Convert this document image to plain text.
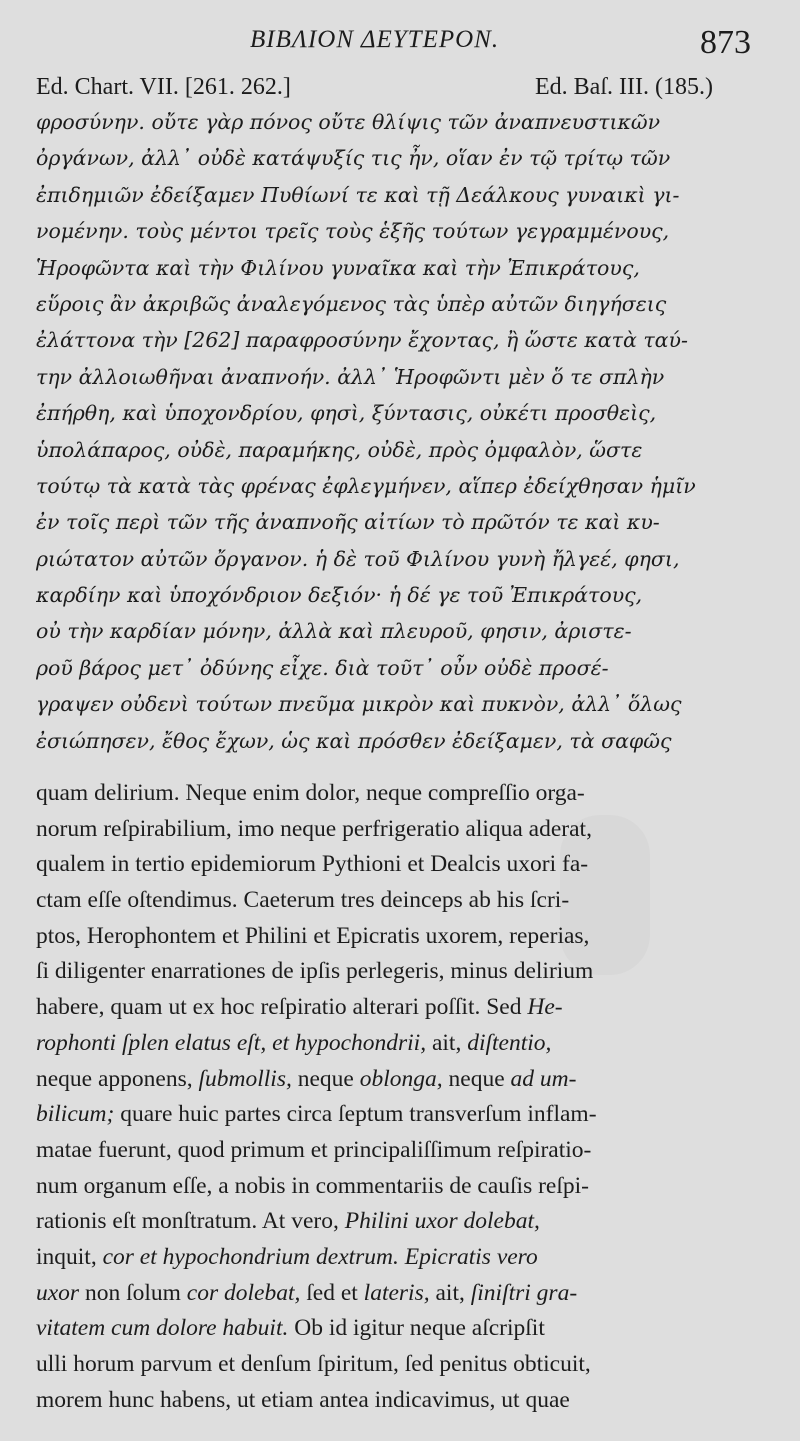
BIBΛΙΟΝ ΔΕΥΤΕΡΟΝ.	873
Ed. Chart. VII. [261. 262.]	Ed. Baſ. III. (185.)
φροσύνην. οὔτε γὰρ πόνος οὔτε θλίψις τῶν ἀναπνευστικῶν
ὀργάνων, ἀλλ᾽ οὐδὲ κατάψυξίς τις ἦν, οἵαν ἐν τῷ τρίτῳ τῶν
ἐπιδημιῶν ἐδείξαμεν Πυθίωνί τε καὶ τῇ Δεάλκους γυναικὶ γι-
νομένην. τοὺς μέντοι τρεῖς τοὺς ἑξῆς τούτων γεγραμμένους,
Ἡροφῶντα καὶ τὴν Φιλίνου γυναῖκα καὶ τὴν Ἐπικράτους,
εὕροις ἂν ἀκριβῶς ἀναλεγόμενος τὰς ὑπὲρ αὐτῶν διηγήσεις
ἐλάττονα τὴν [262] παραφροσύνην ἔχοντας, ἢ ὥστε κατὰ ταύ-
την ἀλλοιωθῆναι ἀναπνοήν. ἀλλ᾽ Ἡροφῶντι μὲν ὅ τε σπλὴν
ἐπήρθη, καὶ ὑποχονδρίου, φησὶ, ξύντασις, οὐκέτι προσθεὶς,
ὑπολάπαρος, οὐδὲ, παραμήκης, οὐδὲ, πρὸς ὀμφαλὸν, ὥστε
τούτῳ τὰ κατὰ τὰς φρένας ἐφλεγμήνεν, αἵπερ ἐδείχθησαν ἡμῖν
ἐν τοῖς περὶ τῶν τῆς ἀναπνοῆς αἰτίων τὸ πρῶτόν τε καὶ κυ-
ριώτατον αὐτῶν ὄργανον. ἡ δὲ τοῦ Φιλίνου γυνὴ ἤλγεέ, φησι,
καρδίην καὶ ὑποχόνδριον δεξιόν· ἡ δέ γε τοῦ Ἐπικράτους,
οὐ τὴν καρδίαν μόνην, ἀλλὰ καὶ πλευροῦ, φησιν, ἀριστε-
ροῦ βάρος μετ᾽ ὀδύνης εἶχε. διὰ τοῦτ᾽ οὖν οὐδὲ προσέ-
γραψεν οὐδενὶ τούτων πνεῦμα μικρὸν καὶ πυκνὸν, ἀλλ᾽ ὅλως
ἐσιώπησεν, ἔθος ἔχων, ὡς καὶ πρόσθεν ἐδείξαμεν, τὰ σαφῶς
quam delirium. Neque enim dolor, neque compreſſio orga-
norum reſpirabilium, imo neque perfrigeratio aliqua aderat,
qualem in tertio epidemiorum Pythioni et Dealcis uxori fa-
ctam eſſe oſtendimus. Caeterum tres deinceps ab his ſcri-
ptos, Herophontem et Philini et Epicratis uxorem, reperias,
ſi diligenter enarrationes de ipſis perlegeris, minus delirium
habere, quam ut ex hoc reſpiratio alterari poſſit. Sed He-
rophonti ſplen elatus eſt, et hypochondrii, ait, diſtentio,
neque apponens, ſubmollis, neque oblonga, neque ad um-
bilicum; quare huic partes circa ſeptum transverſum inflam-
matae fuerunt, quod primum et principaliſſimum reſpiratio-
num organum eſſe, a nobis in commentariis de cauſis reſpi-
rationis eſt monſtratum. At vero, Philini uxor dolebat,
inquit, cor et hypochondrium dextrum. Epicratis vero
uxor non ſolum cor dolebat, ſed et lateris, ait, ſiniſtri gra-
vitatem cum dolore habuit. Ob id igitur neque aſcripſit
ulli horum parvum et denſum ſpiritum, ſed penitus obticuit,
morem hunc habens, ut etiam antea indicavimus, ut quae
